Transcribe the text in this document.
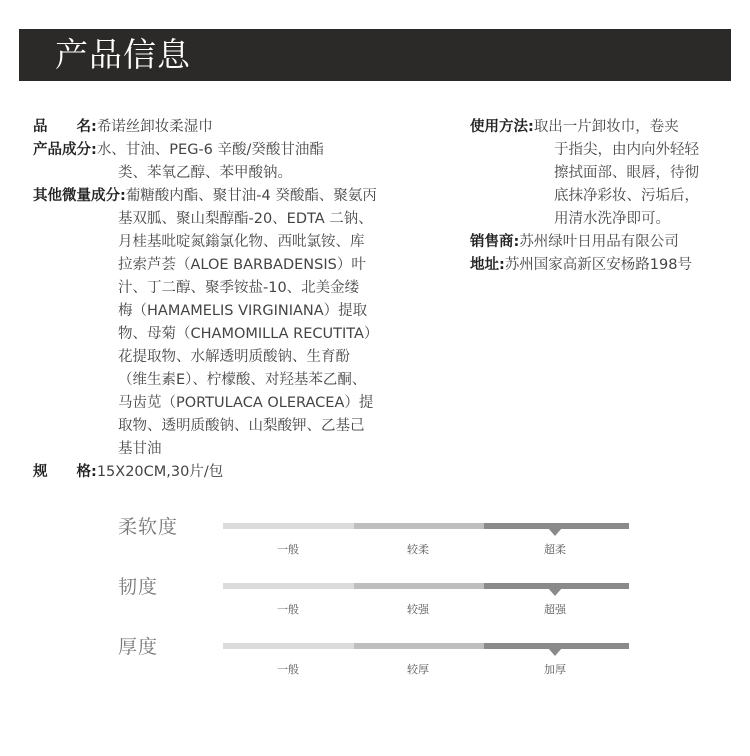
产品信息
品　　名: 希诺丝卸妆柔湿巾
产品成分: 水、甘油、PEG-6 辛酸/癸酸甘油酯
类、苯氧乙醇、苯甲酸钠。
其他微量成分: 葡糖酸内酯、聚甘油-4 癸酸酯、聚氨丙
基双胍、聚山梨醇酯-20、EDTA 二钠、
月桂基吡啶氮鎓氯化物、西吡氯铵、库
拉索芦荟（ALOE BARBADENSIS）叶
汁、丁二醇、聚季铵盐-10、北美金缕
梅（HAMAMELIS VIRGINIANA）提取
物、母菊（CHAMOMILLA RECUTITA）
花提取物、水解透明质酸钠、生育酚
（维生素E）、柠檬酸、对羟基苯乙酮、
马齿苋（PORTULACA OLERACEA）提
取物、透明质酸钠、山梨酸钾、乙基己
基甘油
规　　格: 15X20CM,30片/包
使用方法: 取出一片卸妆巾，卷夹
于指尖，由内向外轻轻
擦拭面部、眼唇，待彻
底抹净彩妆、污垢后，
用清水洗净即可。
销售商: 苏州绿叶日用品有限公司
地址: 苏州国家高新区安杨路198号
柔软度
一般	较柔	超柔
韧度
一般	较强	超强
厚度
一般	较厚	加厚
